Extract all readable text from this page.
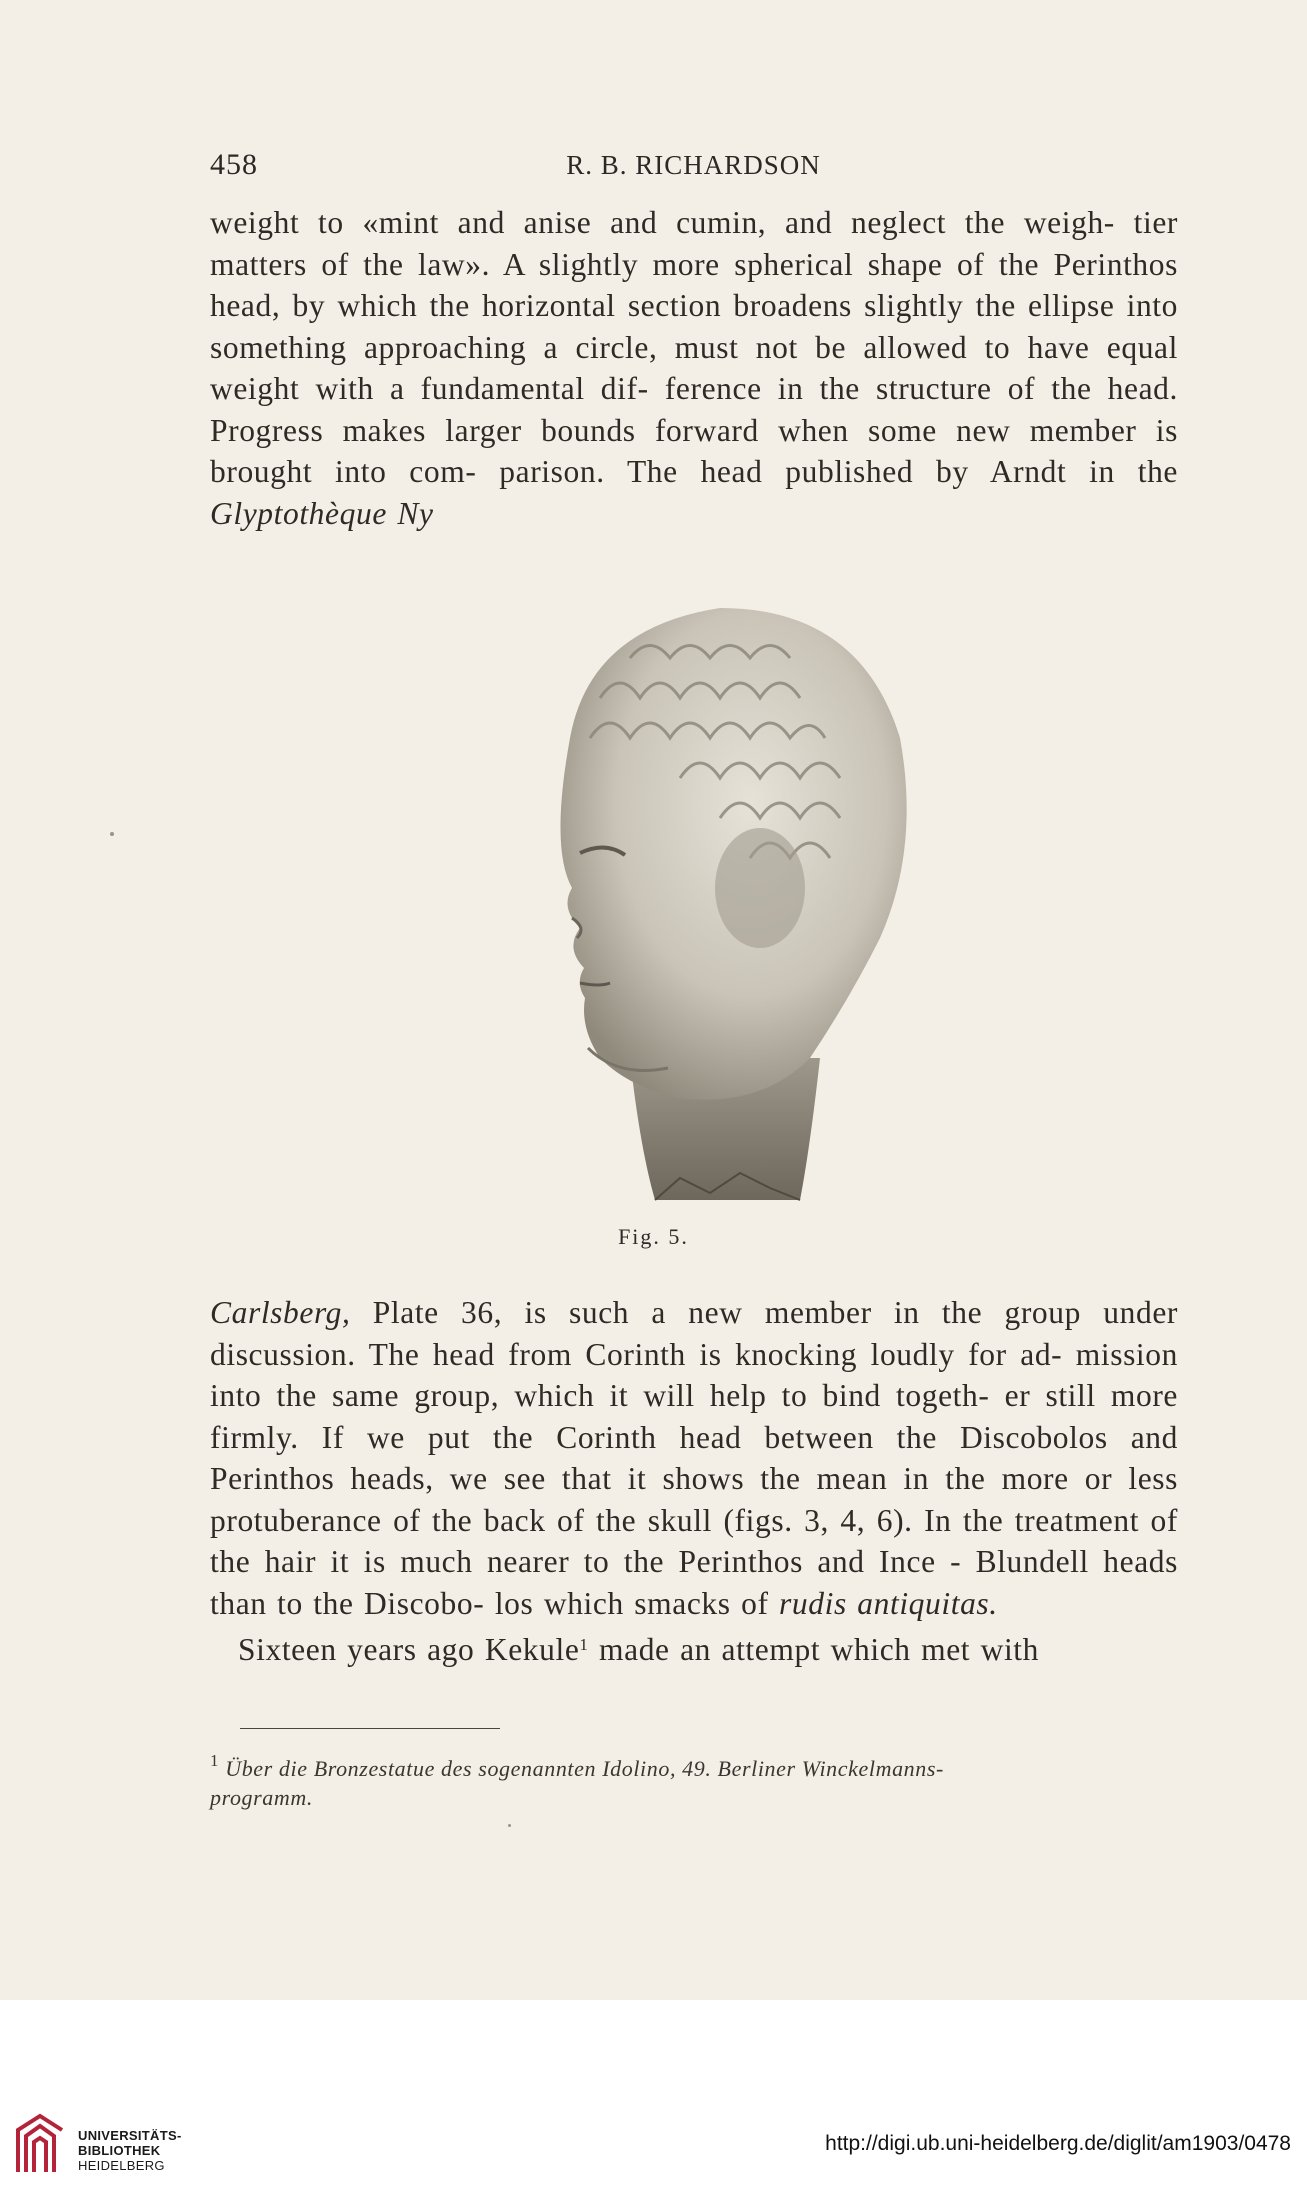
458	R. B. RICHARDSON
weight to «mint and anise and cumin, and neglect the weigh- tier matters of the law». A slightly more spherical shape of the Perinthos head, by which the horizontal section broadens slightly the ellipse into something approaching a circle, must not be allowed to have equal weight with a fundamental dif- ference in the structure of the head. Progress makes larger bounds forward when some new member is brought into com- parison. The head published by Arndt in the Glyptothèque Ny
Fig. 5.
Carlsberg, Plate 36, is such a new member in the group under discussion. The head from Corinth is knocking loudly for ad- mission into the same group, which it will help to bind togeth- er still more firmly. If we put the Corinth head between the Discobolos and Perinthos heads, we see that it shows the mean in the more or less protuberance of the back of the skull (figs. 3, 4, 6). In the treatment of the hair it is much nearer to the Perinthos and Ince - Blundell heads than to the Discobo- los which smacks of rudis antiquitas.
Sixteen years ago Kekule$^1$ made an attempt which met with
$^1$ Über die Bronzestatue des sogenannten Idolino, 49. Berliner Winckelmanns-
programm.
UNIVERSITÄTS-
BIBLIOTHEK
HEIDELBERG
http://digi.ub.uni-heidelberg.de/diglit/am1903/0478
